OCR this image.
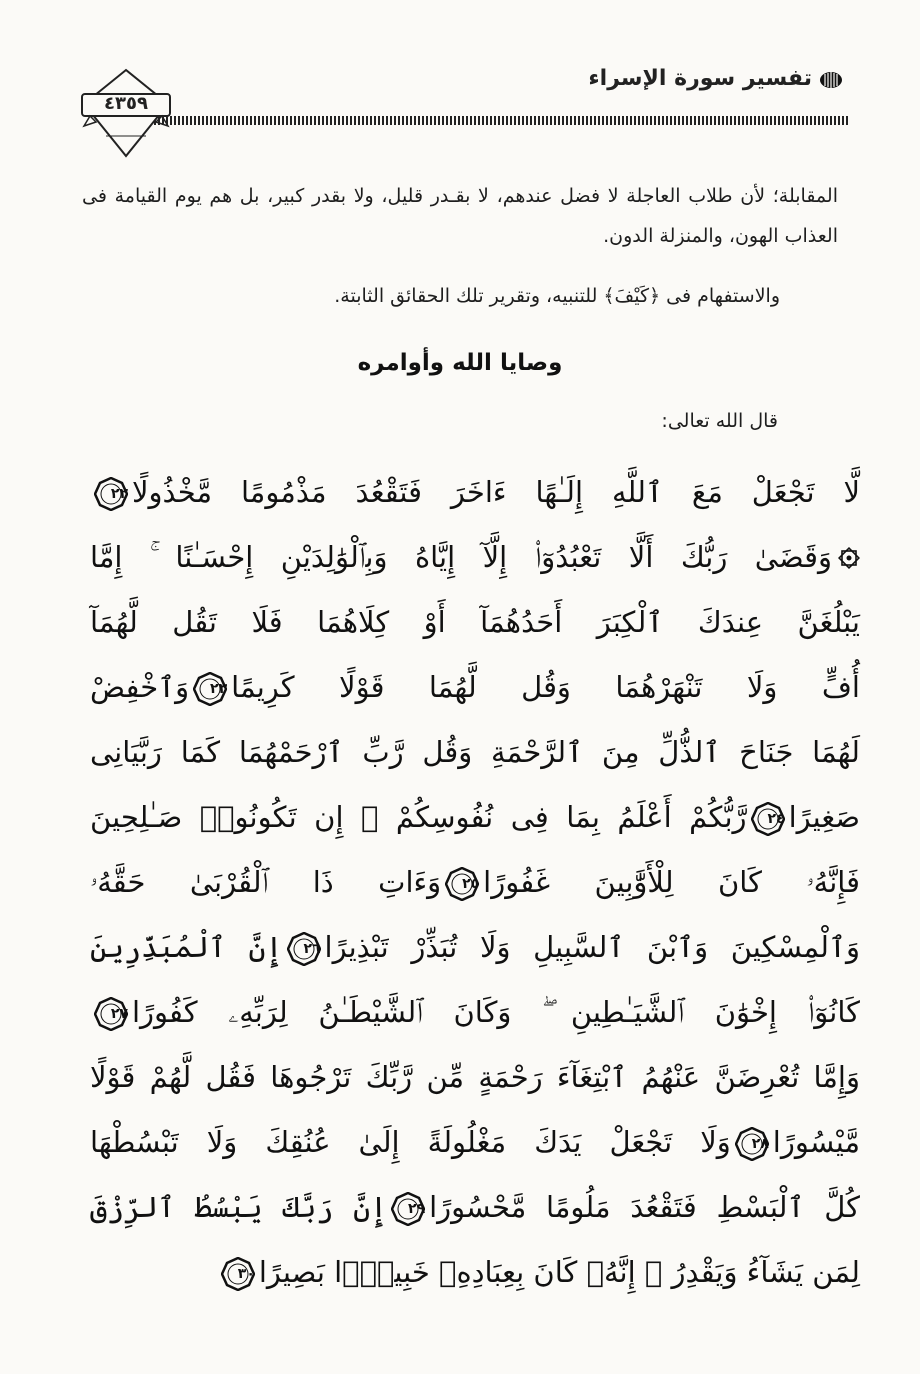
تفسير سورة الإسراء
٤٣٥٩
المقابلة؛ لأن طلاب العاجلة لا فضل عندهم، لا بقـدر قليل، ولا بقدر كبير، بل هم يوم القيامة فى العذاب الهون، والمنزلة الدون.
والاستفهام فى ﴿كَيْفَ﴾ للتنبيه، وتقرير تلك الحقائق الثابتة.
وصايا الله وأوامره
قال الله تعالى:
لَّا تَجْعَلْ مَعَ ٱللَّهِ إِلَـٰهًا ءَاخَرَ فَتَقْعُدَ مَذْمُومًا مَّخْذُولًا
٢٢
وَقَضَىٰ رَبُّكَ أَلَّا تَعْبُدُوٓا۟ إِلَّآ إِيَّاهُ وَبِٱلْوَٰلِدَيْنِ إِحْسَـٰنًا ۚ إِمَّا
يَبْلُغَنَّ عِندَكَ ٱلْكِبَرَ أَحَدُهُمَآ أَوْ كِلَاهُمَا فَلَا تَقُل لَّهُمَآ
أُفٍّ وَلَا تَنْهَرْهُمَا وَقُل لَّهُمَا قَوْلًا كَرِيمًا
٢٣
وَٱخْفِضْ
لَهُمَا جَنَاحَ ٱلذُّلِّ مِنَ ٱلرَّحْمَةِ وَقُل رَّبِّ ٱرْحَمْهُمَا كَمَا رَبَّيَانِى
صَغِيرًا
٢٤
رَّبُّكُمْ أَعْلَمُ بِمَا فِى نُفُوسِكُمْ ۚ إِن تَكُونُوا۟ صَـٰلِحِينَ
فَإِنَّهُۥ كَانَ لِلْأَوَّٰبِينَ غَفُورًا
٢٥
وَءَاتِ ذَا ٱلْقُرْبَىٰ حَقَّهُۥ
وَٱلْمِسْكِينَ وَٱبْنَ ٱلسَّبِيلِ وَلَا تُبَذِّرْ تَبْذِيرًا
٢٦
إِنَّ ٱلْمُبَذِّرِينَ
كَانُوٓا۟ إِخْوَٰنَ ٱلشَّيَـٰطِينِ ۖ وَكَانَ ٱلشَّيْطَـٰنُ لِرَبِّهِۦ كَفُورًا
٢٧
وَإِمَّا تُعْرِضَنَّ عَنْهُمُ ٱبْتِغَآءَ رَحْمَةٍ مِّن رَّبِّكَ تَرْجُوهَا فَقُل لَّهُمْ قَوْلًا
مَّيْسُورًا
٢٨
وَلَا تَجْعَلْ يَدَكَ مَغْلُولَةً إِلَىٰ عُنُقِكَ وَلَا تَبْسُطْهَا
كُلَّ ٱلْبَسْطِ فَتَقْعُدَ مَلُومًا مَّحْسُورًا
٢٩
إِنَّ رَبَّكَ يَبْسُطُ ٱلرِّزْقَ
لِمَن يَشَآءُ وَيَقْدِرُ ۚ إِنَّهُۥ كَانَ بِعِبَادِهِۦ خَبِيرًۢا بَصِيرًا
٣٠
